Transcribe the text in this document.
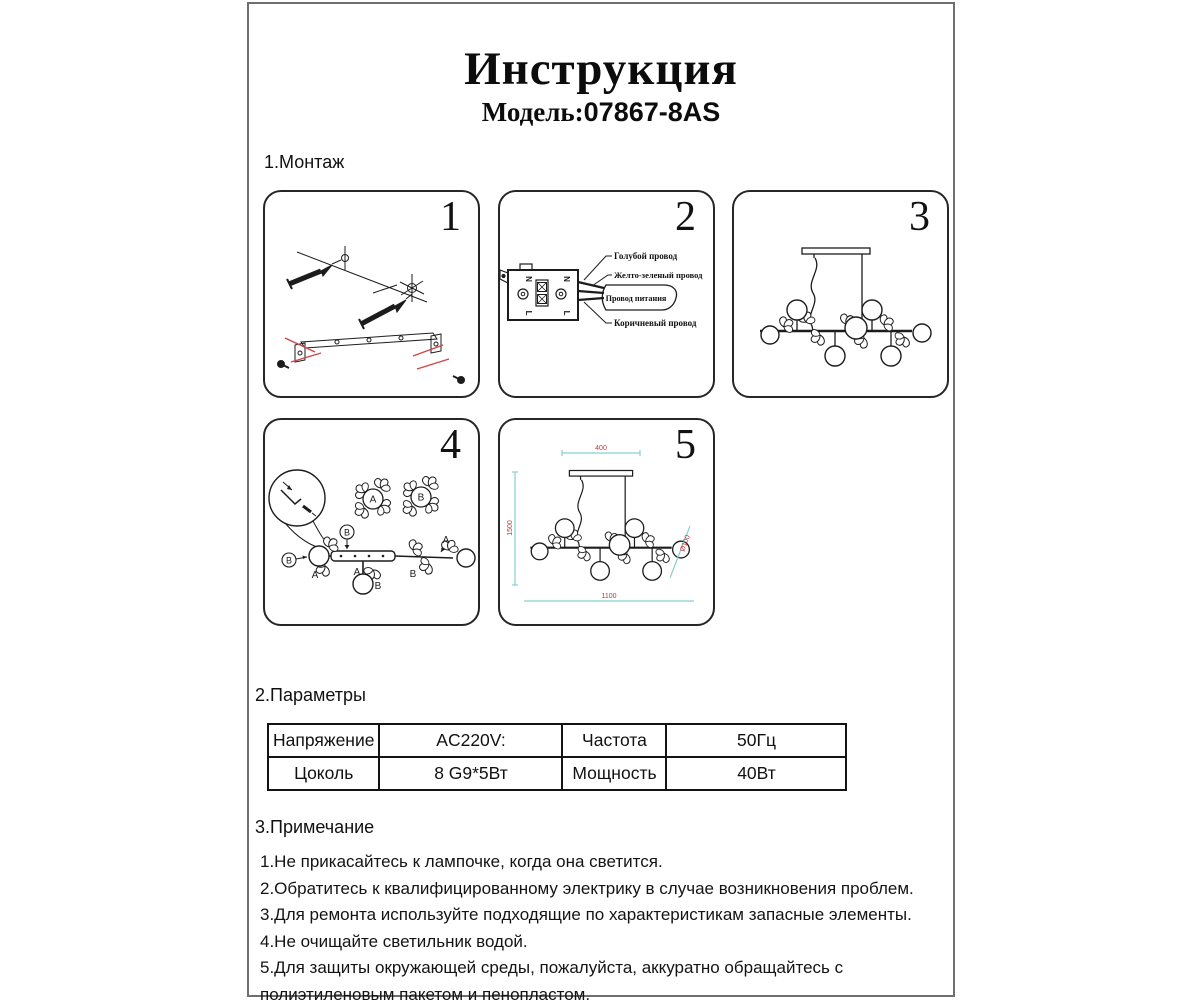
Инструкция
Модель:07867-8AS
1.Монтаж
1
N
L
N
L
Голубой провод
Желто-зеленый провод
Провод питания
Коричневый провод
2	3
A	B
B
B
A	A	B
B
A
4	400
1500
1100
Ø100
5
2.Параметры
Напряжение	AC220V:	Частота	50Гц
Цоколь	8 G9*5Вт	Мощность	40Вт
3.Примечание
1.Не прикасайтесь к лампочке, когда она светится.
2.Обратитесь к квалифицированному электрику в случае возникновения проблем.
3.Для ремонта используйте подходящие по характеристикам запасные элементы.
4.Не очищайте светильник водой.
5.Для защиты окружающей среды, пожалуйста, аккуратно обращайтесь с полиэтиленовым пакетом и пенопластом.
